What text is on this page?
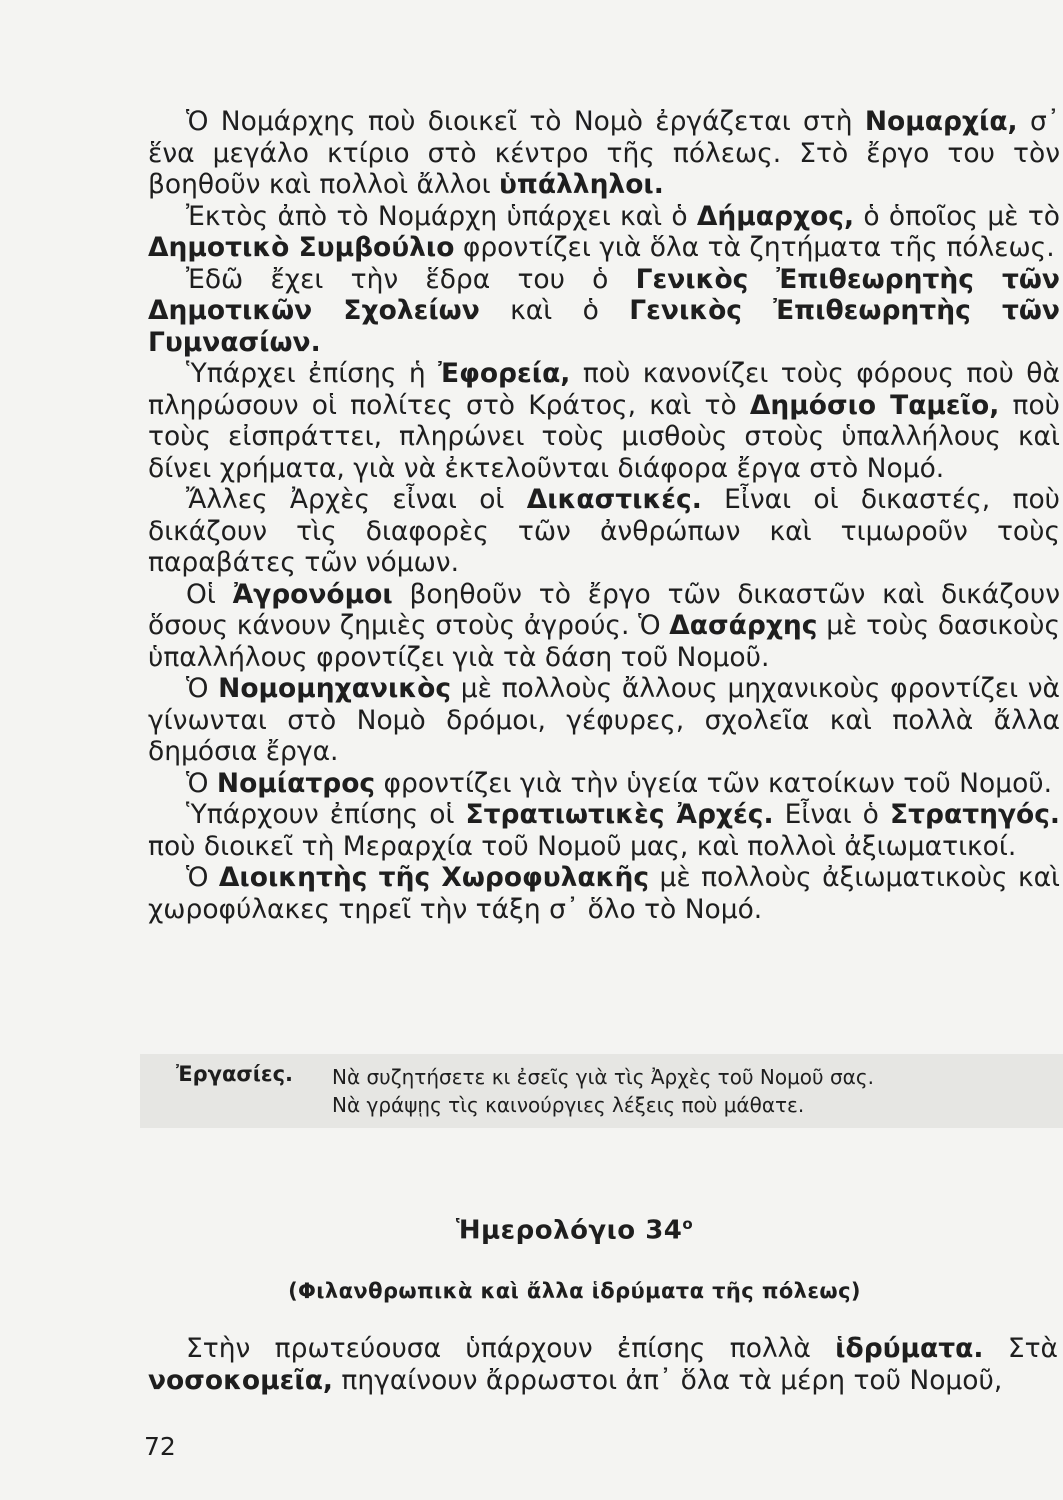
Ὁ Νομάρχης ποὺ διοικεῖ τὸ Νομὸ ἐργάζεται στὴ Νομαρχία, σ᾽ ἕνα μεγάλο κτίριο στὸ κέντρο τῆς πόλεως. Στὸ ἔργο του τὸν βοηθοῦν καὶ πολλοὶ ἄλλοι ὑπάλληλοι.

Ἐκτὸς ἀπὸ τὸ Νομάρχη ὑπάρχει καὶ ὁ Δήμαρχος, ὁ ὁποῖος μὲ τὸ Δημοτικὸ Συμβούλιο φροντίζει γιὰ ὅλα τὰ ζητήματα τῆς πόλεως.

Ἐδῶ ἔχει τὴν ἕδρα του ὁ Γενικὸς Ἐπιθεωρητὴς τῶν Δημοτικῶν Σχολείων καὶ ὁ Γενικὸς Ἐπιθεωρητὴς τῶν Γυμνασίων.

Ὑπάρχει ἐπίσης ἡ Ἐφορεία, ποὺ κανονίζει τοὺς φόρους ποὺ θὰ πληρώσουν οἱ πολίτες στὸ Κράτος, καὶ τὸ Δημόσιο Ταμεῖο, ποὺ τοὺς εἰσπράττει, πληρώνει τοὺς μισθοὺς στοὺς ὑπαλλήλους καὶ δίνει χρήματα, γιὰ νὰ ἐκτελοῦνται διάφορα ἔργα στὸ Νομό.

Ἄλλες Ἀρχὲς εἶναι οἱ Δικαστικές. Εἶναι οἱ δικαστές, ποὺ δικάζουν τὶς διαφορὲς τῶν ἀνθρώπων καὶ τιμωροῦν τοὺς παραβάτες τῶν νόμων.

Οἱ Ἀγρονόμοι βοηθοῦν τὸ ἔργο τῶν δικαστῶν καὶ δικάζουν ὅσους κάνουν ζημιὲς στοὺς ἀγρούς. Ὁ Δασάρχης μὲ τοὺς δασικοὺς ὑπαλλήλους φροντίζει γιὰ τὰ δάση τοῦ Νομοῦ.

Ὁ Νομομηχανικὸς μὲ πολλοὺς ἄλλους μηχανικοὺς φροντίζει νὰ γίνωνται στὸ Νομὸ δρόμοι, γέφυρες, σχολεῖα καὶ πολλὰ ἄλλα δημόσια ἔργα.

Ὁ Νομίατρος φροντίζει γιὰ τὴν ὑγεία τῶν κατοίκων τοῦ Νομοῦ.

Ὑπάρχουν ἐπίσης οἱ Στρατιωτικὲς Ἀρχές. Εἶναι ὁ Στρατηγός. ποὺ διοικεῖ τὴ Μεραρχία τοῦ Νομοῦ μας, καὶ πολλοὶ ἀξιωματικοί.

Ὁ Διοικητὴς τῆς Χωροφυλακῆς μὲ πολλοὺς ἀξιωματικοὺς καὶ χωροφύλακες τηρεῖ τὴν τάξη σ᾽ ὅλο τὸ Νομό.

Ἐργασίες. Νὰ συζητήσετε κι ἐσεῖς γιὰ τὶς Ἀρχὲς τοῦ Νομοῦ σας.
Νὰ γράψῃς τὶς καινούργιες λέξεις ποὺ μάθατε.
Ἡμερολόγιο $34^o$
(Φιλανθρωπικὰ καὶ ἄλλα ἱδρύματα τῆς πόλεως)

Στὴν πρωτεύουσα ὑπάρχουν ἐπίσης πολλὰ ἱδρύματα. Στὰ νοσοκομεῖα, πηγαίνουν ἄρρωστοι ἀπ᾽ ὅλα τὰ μέρη τοῦ Νομοῦ,

72
